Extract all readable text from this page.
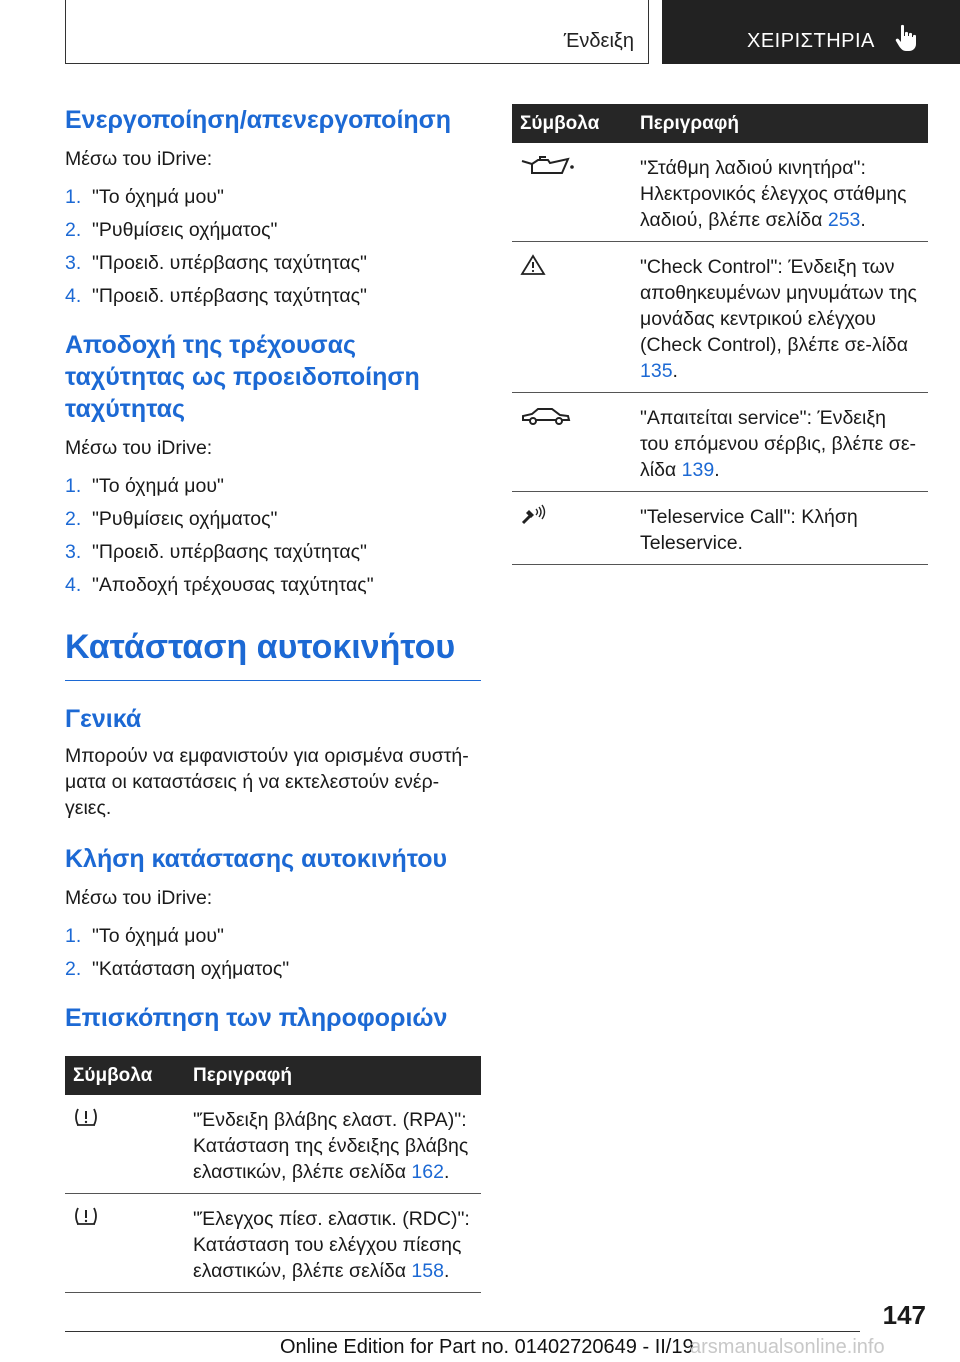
Ένδειξη	ΧΕΙΡΙΣΤΗΡΙΑ
Ενεργοποίηση/απενεργοποίηση

Μέσω του iDrive:

1. "Το όχημά μου"
2. "Ρυθμίσεις οχήματος"
3. "Προειδ. υπέρβασης ταχύτητας"
4. "Προειδ. υπέρβασης ταχύτητας"
Αποδοχή της τρέχουσας ταχύτητας ως προειδοποίηση ταχύτητας

Μέσω του iDrive:

1. "Το όχημά μου"
2. "Ρυθμίσεις οχήματος"
3. "Προειδ. υπέρβασης ταχύτητας"
4. "Αποδοχή τρέχουσας ταχύτητας"
Κατάσταση αυτοκινήτου
Γενικά

Μπορούν να εμφανιστούν για ορισμένα συστή-ματα οι καταστάσεις ή να εκτελεστούν ενέρ-γειες.

Κλήση κατάστασης αυτοκινήτου

Μέσω του iDrive:

1. "Το όχημά μου"
2. "Κατάσταση οχήματος"
Επισκόπηση των πληροφοριών
Σύμβολα	Περιγραφή
	"Ένδειξη βλάβης ελαστ. (RPA)": Κατάσταση της ένδειξης βλάβης ελαστικών, βλέπε σελίδα 162.
	"Έλεγχος πίεσ. ελαστικ. (RDC)": Κατάσταση του ελέγχου πίεσης ελαστικών, βλέπε σελίδα 158.
Σύμβολα	Περιγραφή
	"Στάθμη λαδιού κινητήρα": Ηλεκτρονικός έλεγχος στάθμης λαδιού, βλέπε σελίδα 253.
	"Check Control": Ένδειξη των αποθηκευμένων μηνυμάτων της μονάδας κεντρικού ελέγχου (Check Control), βλέπε σε-λίδα 135.
	"Απαιτείται service": Ένδειξη του επόμενου σέρβις, βλέπε σε-λίδα 139.
	"Teleservice Call": Κλήση Teleservice.
147
Online Edition for Part no. 01402720649 - II/19
arsmanualsonline.info
